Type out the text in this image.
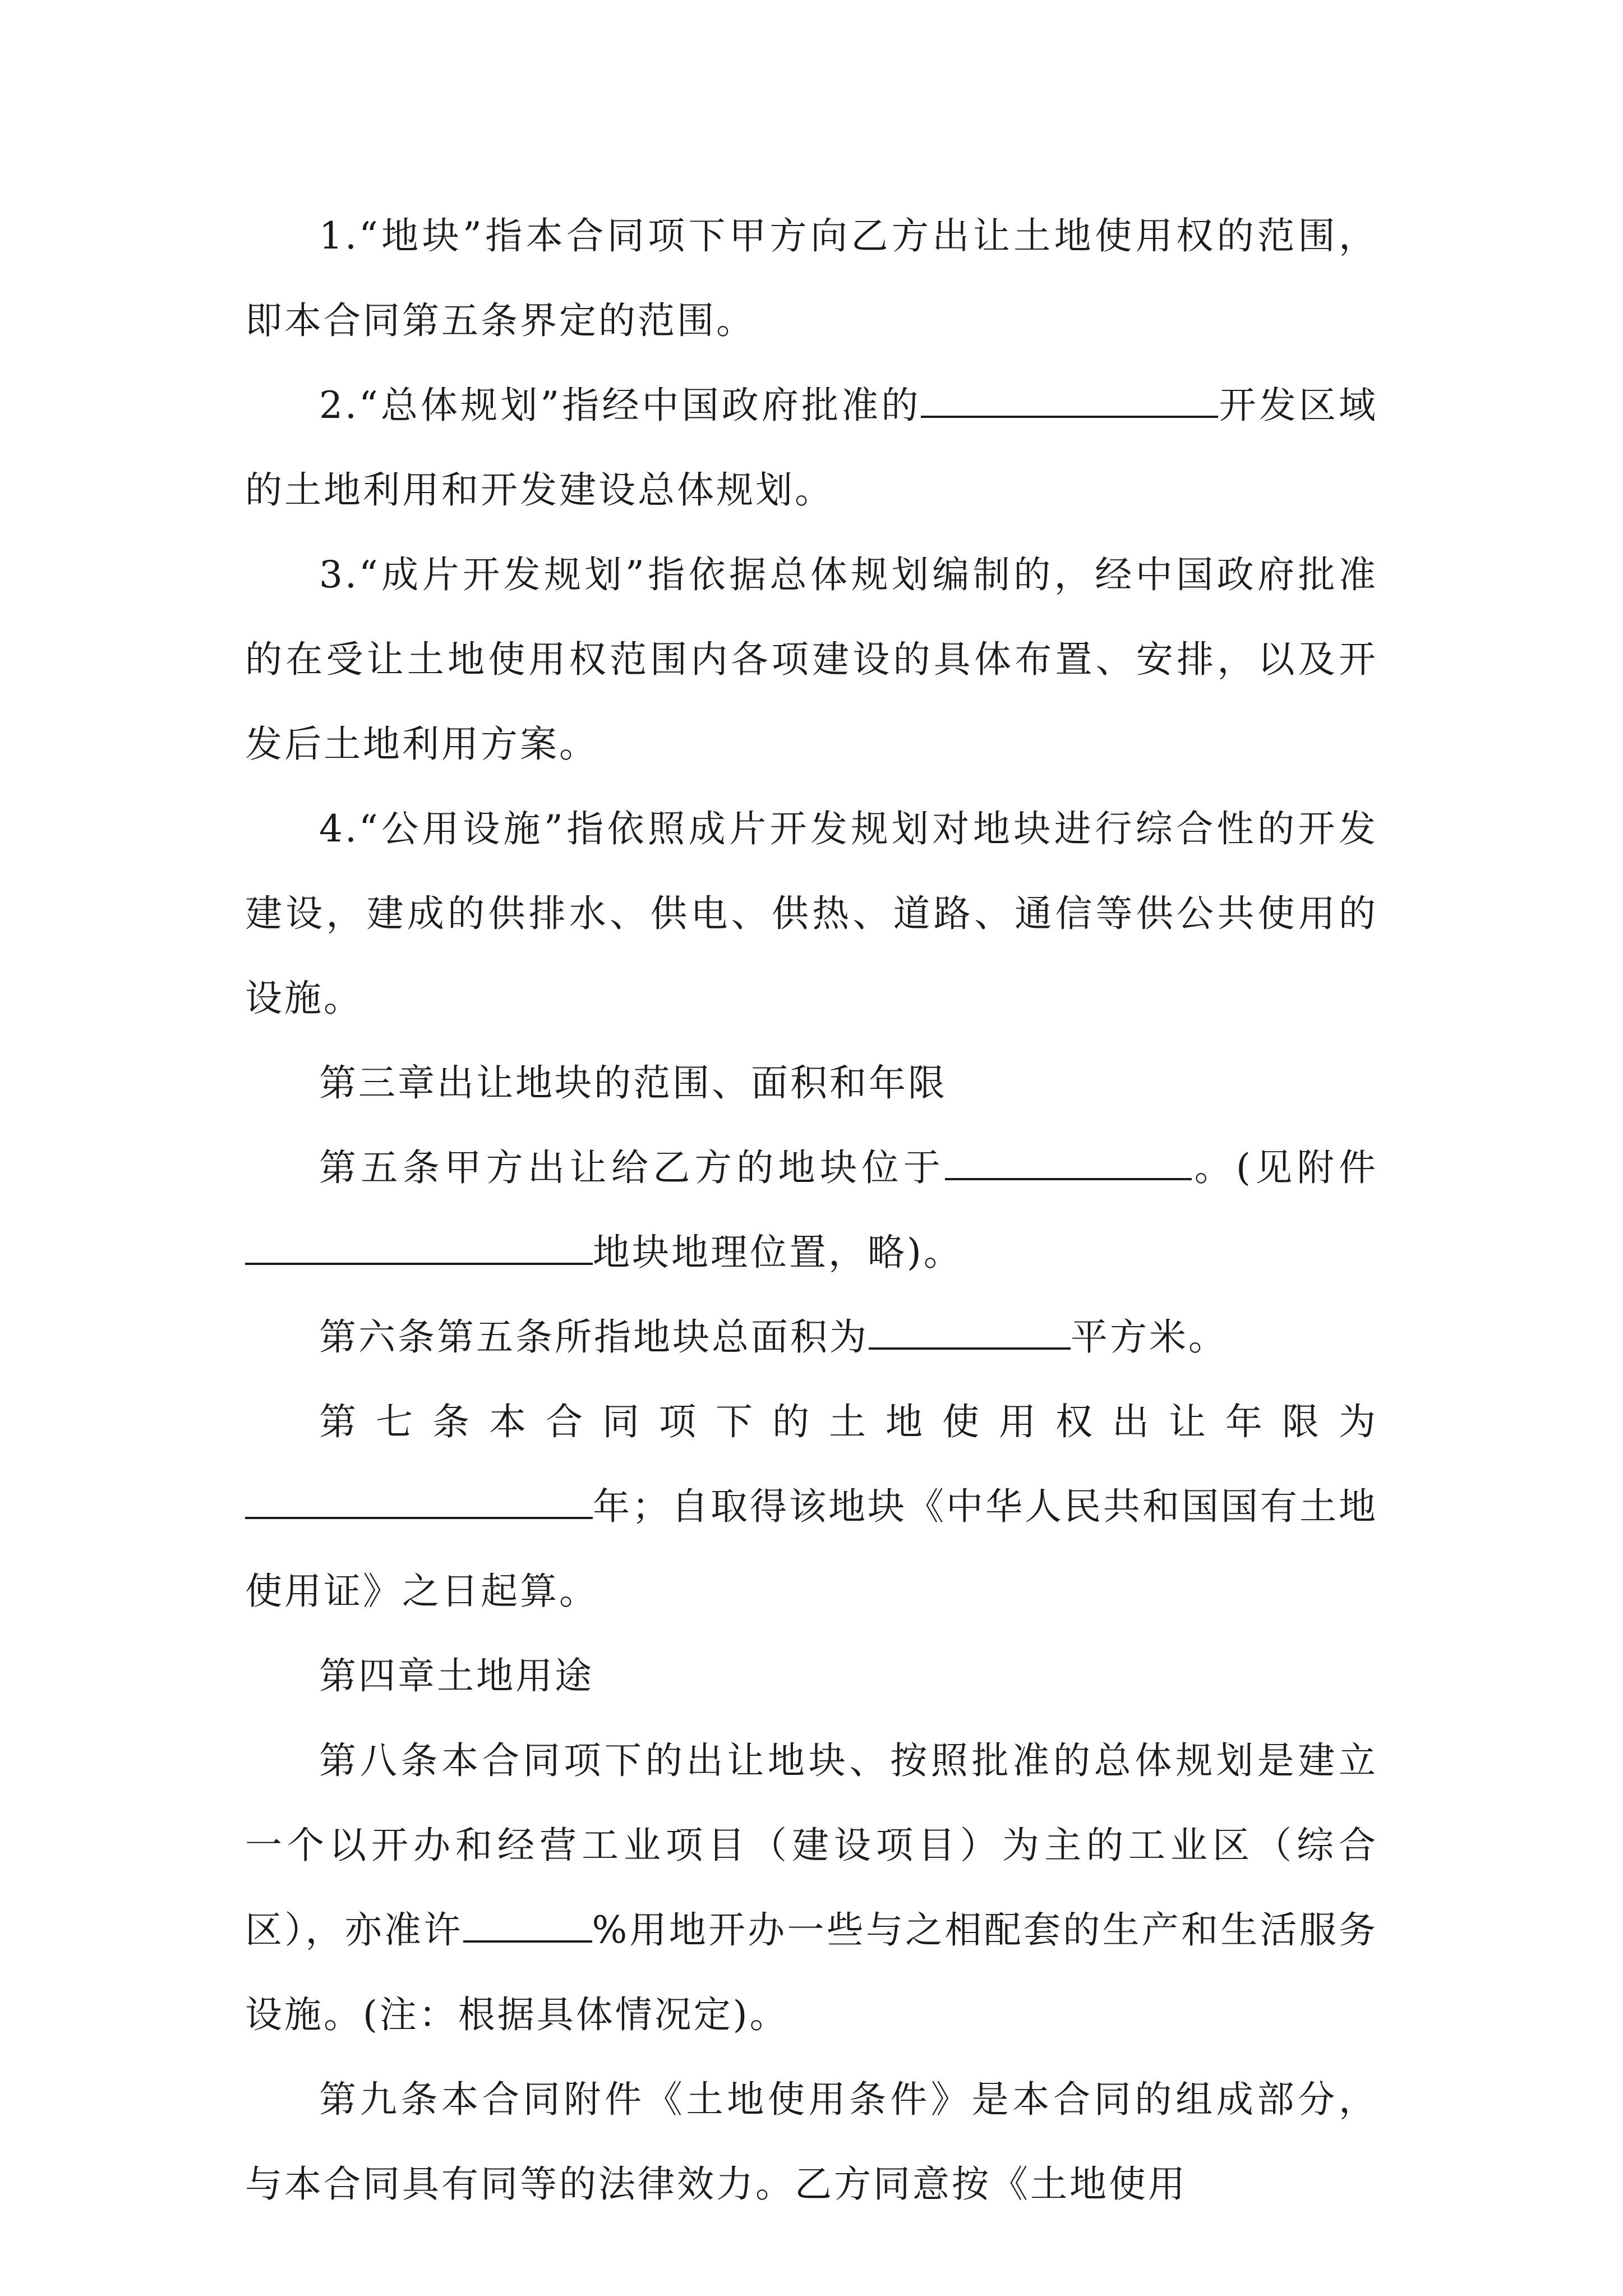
1.“地块”指本合同项下甲方向乙方出让土地使用权的范围，即本合同第五条界定的范围。

2.“总体规划”指经中国政府批准的	开发区域的土地利用和开发建设总体规划。

3.“成片开发规划”指依据总体规划编制的，经中国政府批准的在受让土地使用权范围内各项建设的具体布置、安排，以及开发后土地利用方案。

4.“公用设施”指依照成片开发规划对地块进行综合性的开发建设，建成的供排水、供电、供热、道路、通信等供公共使用的设施。

第三章出让地块的范围、面积和年限

第五条甲方出让给乙方的地块位于	。(见附件地块地理位置，略)。

第六条第五条所指地块总面积为	平方米。

第七条本合同项下的土地使用权出让年限为年；自取得该地块《中华人民共和国国有土地使用证》之日起算。

第四章土地用途

第八条本合同项下的出让地块、按照批准的总体规划是建立一个以开办和经营工业项目（建设项目）为主的工业区（综合区），亦准许	%用地开办一些与之相配套的生产和生活服务设施。(注：根据具体情况定)。

第九条本合同附件《土地使用条件》是本合同的组成部分，与本合同具有同等的法律效力。乙方同意按《土地使用
